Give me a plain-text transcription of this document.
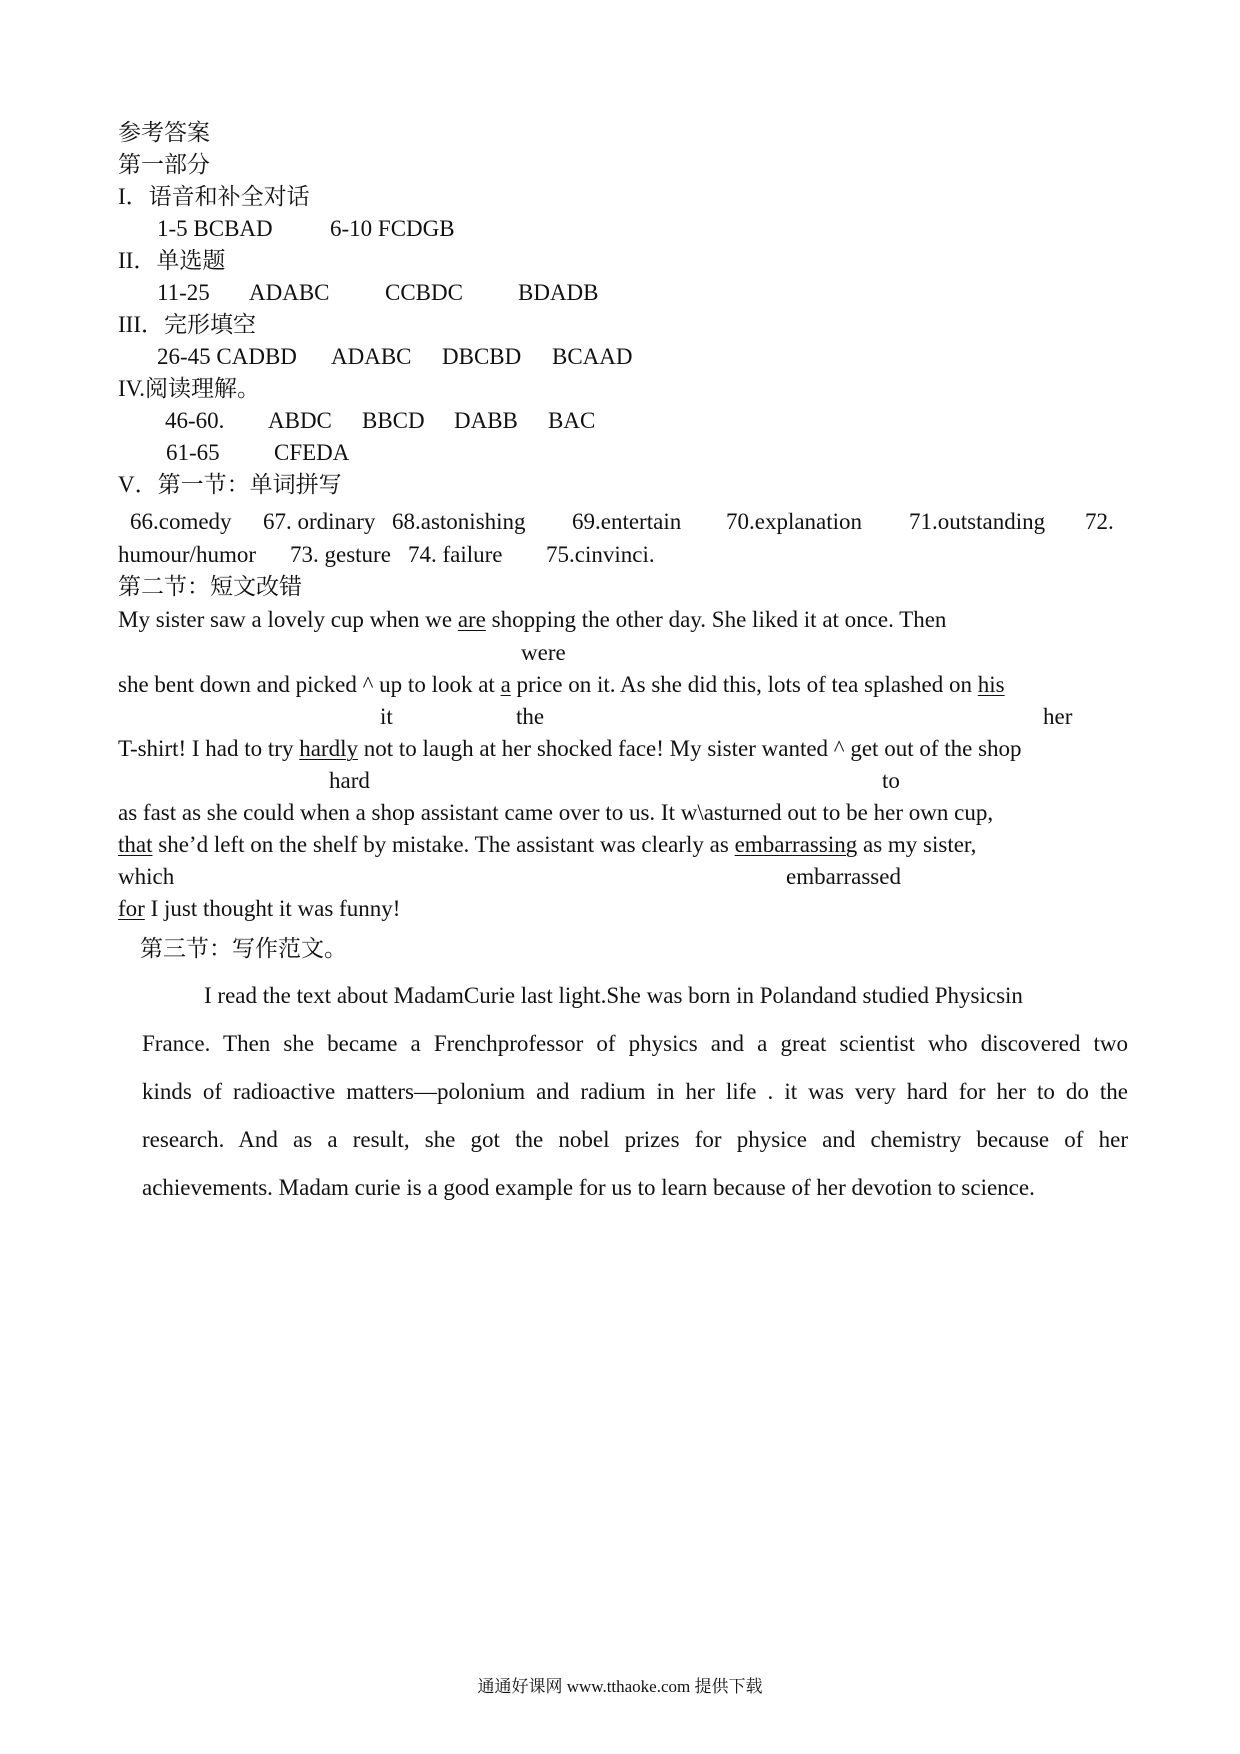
参考答案
第一部分
I．语音和补全对话
1-5 BCBAD 6-10 FCDGB
II．单选题
11-25 ADABC CCBDC BDADB
III．完形填空
26-45 CADBD ADABC DBCBD BCAAD
IV.阅读理解。
46-60. ABDC BBCD DABB BAC
61-65 CFEDA
V．第一节：单词拼写
66.comedy 67. ordinary 68.astonishing 69.entertain 70.explanation 71.outstanding 72.
humour/humor 73. gesture 74. failure 75.cinvinci.
第二节：短文改错
My sister saw a lovely cup when we are shopping the other day. She liked it at once. Then
were
she bent down and picked ^ up to look at a price on it. As she did this, lots of tea splashed on his
it	the	her
T-shirt! I had to try hardly not to laugh at her shocked face! My sister wanted ^ get out of the shop
hard	to
as fast as she could when a shop assistant came over to us. It w\asturned out to be her own cup,
that she’d left on the shelf by mistake. The assistant was clearly as embarrassing as my sister,
which	embarrassed
for I just thought it was funny!
第三节：写作范文。
I read the text about MadamCurie last light.She was born in Polandand studied Physicsin
France. Then she became a Frenchprofessor of physics and a great scientist who discovered two
kinds of radioactive matters—polonium and radium in her life . it was very hard for her to do the
research. And as a result, she got the nobel prizes for physice and chemistry because of her
achievements. Madam curie is a good example for us to learn because of her devotion to science.
通通好课网 www.tthaoke.com 提供下载
